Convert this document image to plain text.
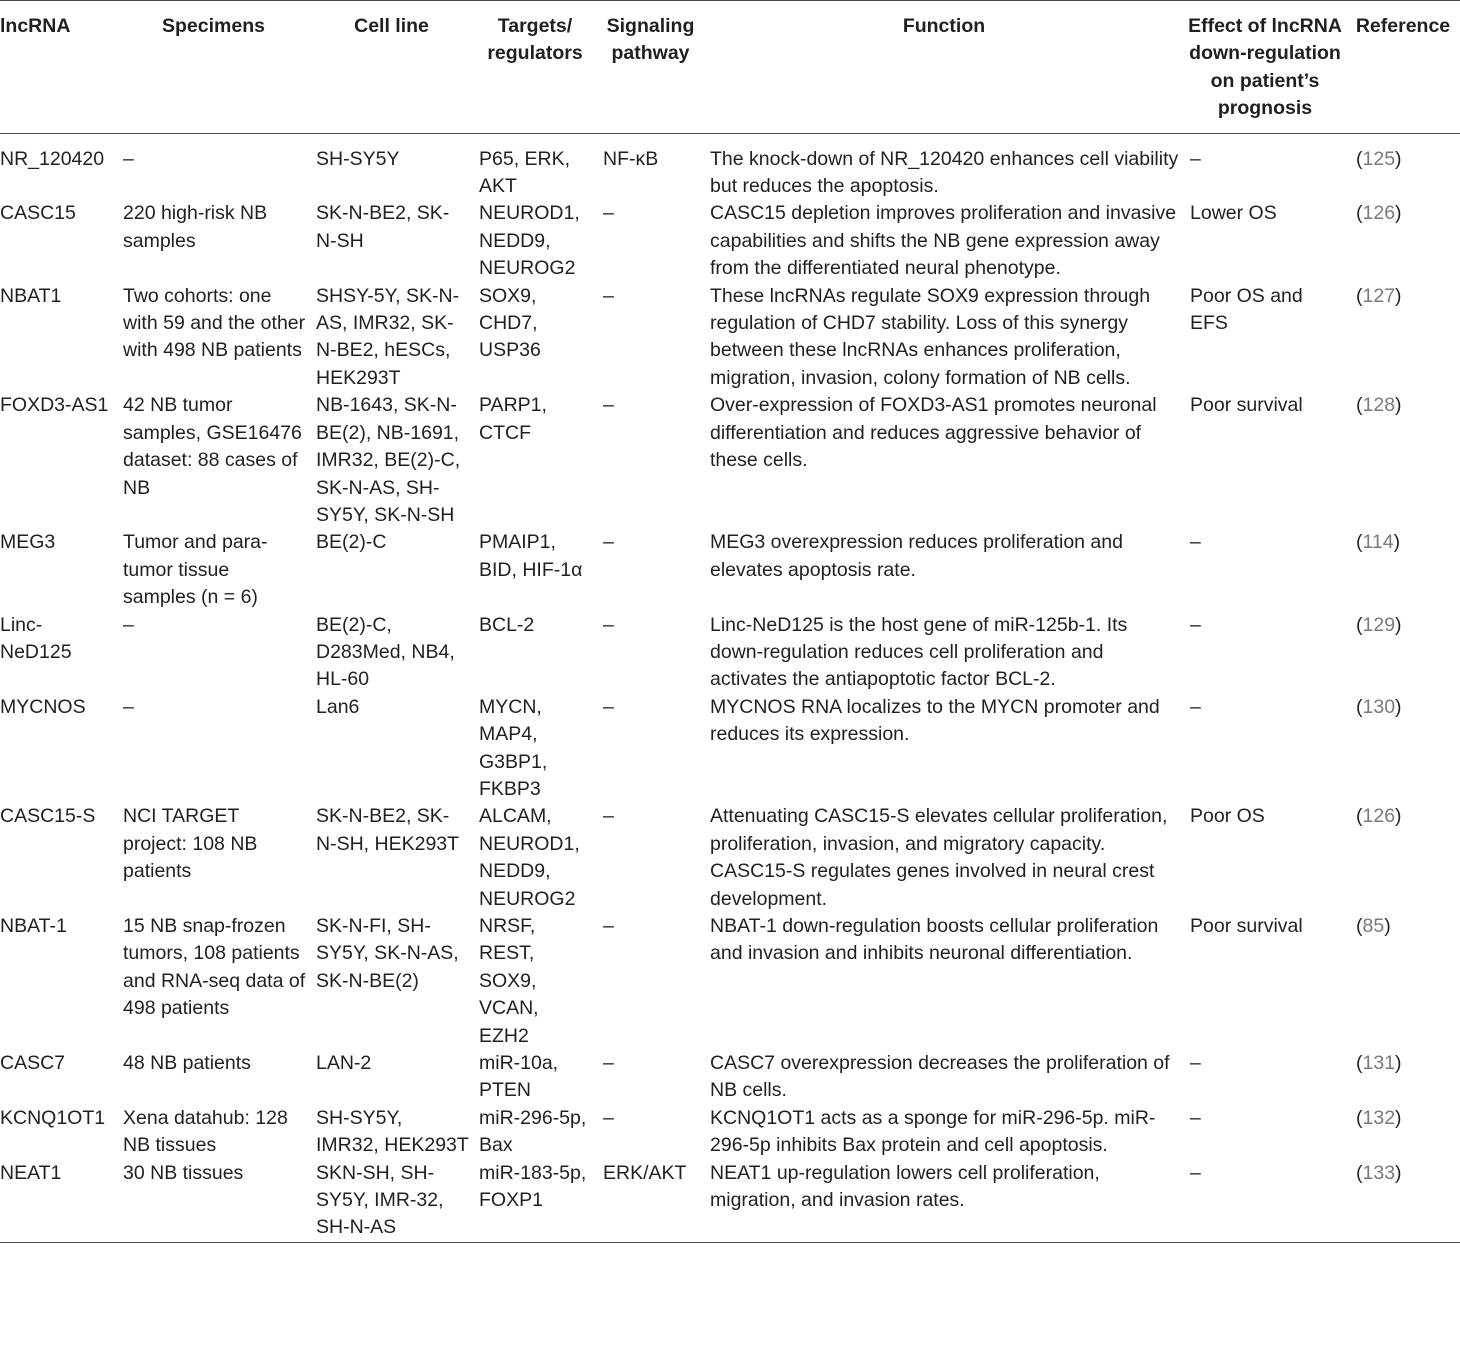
lncRNA	Specimens	Cell line	Targets/ regulators	Signaling pathway	Function	Effect of lncRNA down-regulation on patient’s prognosis	Reference
NR_120420	–	SH-SY5Y	P65, ERK, AKT	NF-κB	The knock-down of NR_120420 enhances cell viability but reduces the apoptosis.	–	(125)
CASC15	220 high-risk NB samples	SK-N-BE2, SK-N-SH	NEUROD1, NEDD9, NEUROG2	–	CASC15 depletion improves proliferation and invasive capabilities and shifts the NB gene expression away from the differentiated neural phenotype.	Lower OS	(126)
NBAT1	Two cohorts: one with 59 and the other with 498 NB patients	SHSY-5Y, SK-N-AS, IMR32, SK-N-BE2, hESCs, HEK293T	SOX9, CHD7, USP36	–	These lncRNAs regulate SOX9 expression through regulation of CHD7 stability. Loss of this synergy between these lncRNAs enhances proliferation, migration, invasion, colony formation of NB cells.	Poor OS and EFS	(127)
FOXD3-AS1	42 NB tumor samples, GSE16476 dataset: 88 cases of NB	NB-1643, SK-N-BE(2), NB-1691, IMR32, BE(2)-C, SK-N-AS, SH-SY5Y, SK-N-SH	PARP1, CTCF	–	Over-expression of FOXD3-AS1 promotes neuronal differentiation and reduces aggressive behavior of these cells.	Poor survival	(128)
MEG3	Tumor and para-tumor tissue samples (n = 6)	BE(2)-C	PMAIP1, BID, HIF-1α	–	MEG3 overexpression reduces proliferation and elevates apoptosis rate.	–	(114)
Linc-NeD125	–	BE(2)-C, D283Med, NB4, HL-60	BCL-2	–	Linc-NeD125 is the host gene of miR-125b-1. Its down-regulation reduces cell proliferation and activates the antiapoptotic factor BCL-2.	–	(129)
MYCNOS	–	Lan6	MYCN, MAP4, G3BP1, FKBP3	–	MYCNOS RNA localizes to the MYCN promoter and reduces its expression.	–	(130)
CASC15-S	NCI TARGET project: 108 NB patients	SK-N-BE2, SK-N-SH, HEK293T	ALCAM, NEUROD1, NEDD9, NEUROG2	–	Attenuating CASC15-S elevates cellular proliferation, proliferation, invasion, and migratory capacity. CASC15-S regulates genes involved in neural crest development.	Poor OS	(126)
NBAT-1	15 NB snap-frozen tumors, 108 patients and RNA-seq data of 498 patients	SK-N-FI, SH-SY5Y, SK-N-AS, SK-N-BE(2)	NRSF, REST, SOX9, VCAN, EZH2	–	NBAT-1 down-regulation boosts cellular proliferation and invasion and inhibits neuronal differentiation.	Poor survival	(85)
CASC7	48 NB patients	LAN-2	miR-10a, PTEN	–	CASC7 overexpression decreases the proliferation of NB cells.	–	(131)
KCNQ1OT1	Xena datahub: 128 NB tissues	SH-SY5Y, IMR32, HEK293T	miR-296-5p, Bax	–	KCNQ1OT1 acts as a sponge for miR-296-5p. miR-296-5p inhibits Bax protein and cell apoptosis.	–	(132)
NEAT1	30 NB tissues	SKN-SH, SH-SY5Y, IMR-32, SH-N-AS	miR-183-5p, FOXP1	ERK/AKT	NEAT1 up-regulation lowers cell proliferation, migration, and invasion rates.	–	(133)
